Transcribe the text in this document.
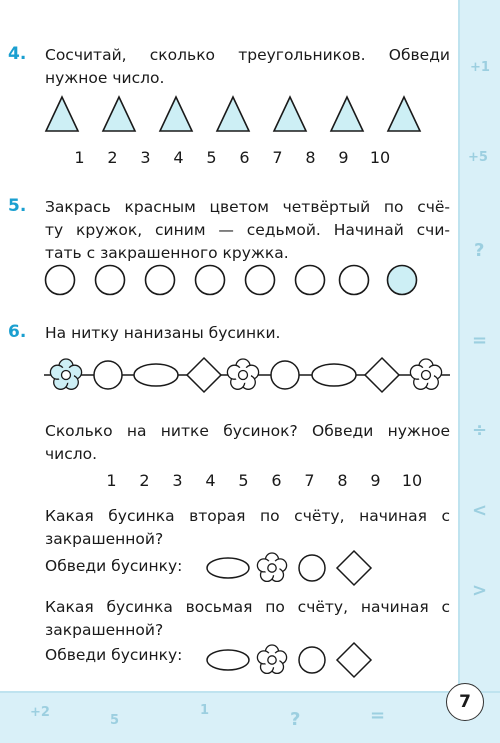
+1
+5
?
=
÷
<
>
+2
5
1	?	=
7
4. Сосчитай, сколько треугольников. Обведи
нужное число.
1	2	3	4	5	6	7	8	9	10
5. Закрась красным цветом четвёртый по счё-
ту кружок, синим — седьмой. Начинай счи-
тать с закрашенного кружка.
6. На нитку нанизаны бусинки.
Сколько на нитке бусинок? Обведи нужное
число.
1	2	3	4	5	6	7	8	9	10
Какая бусинка вторая по счёту, начиная с
закрашенной?
Обведи бусинку:
Какая бусинка восьмая по счёту, начиная с
закрашенной?
Обведи бусинку:
